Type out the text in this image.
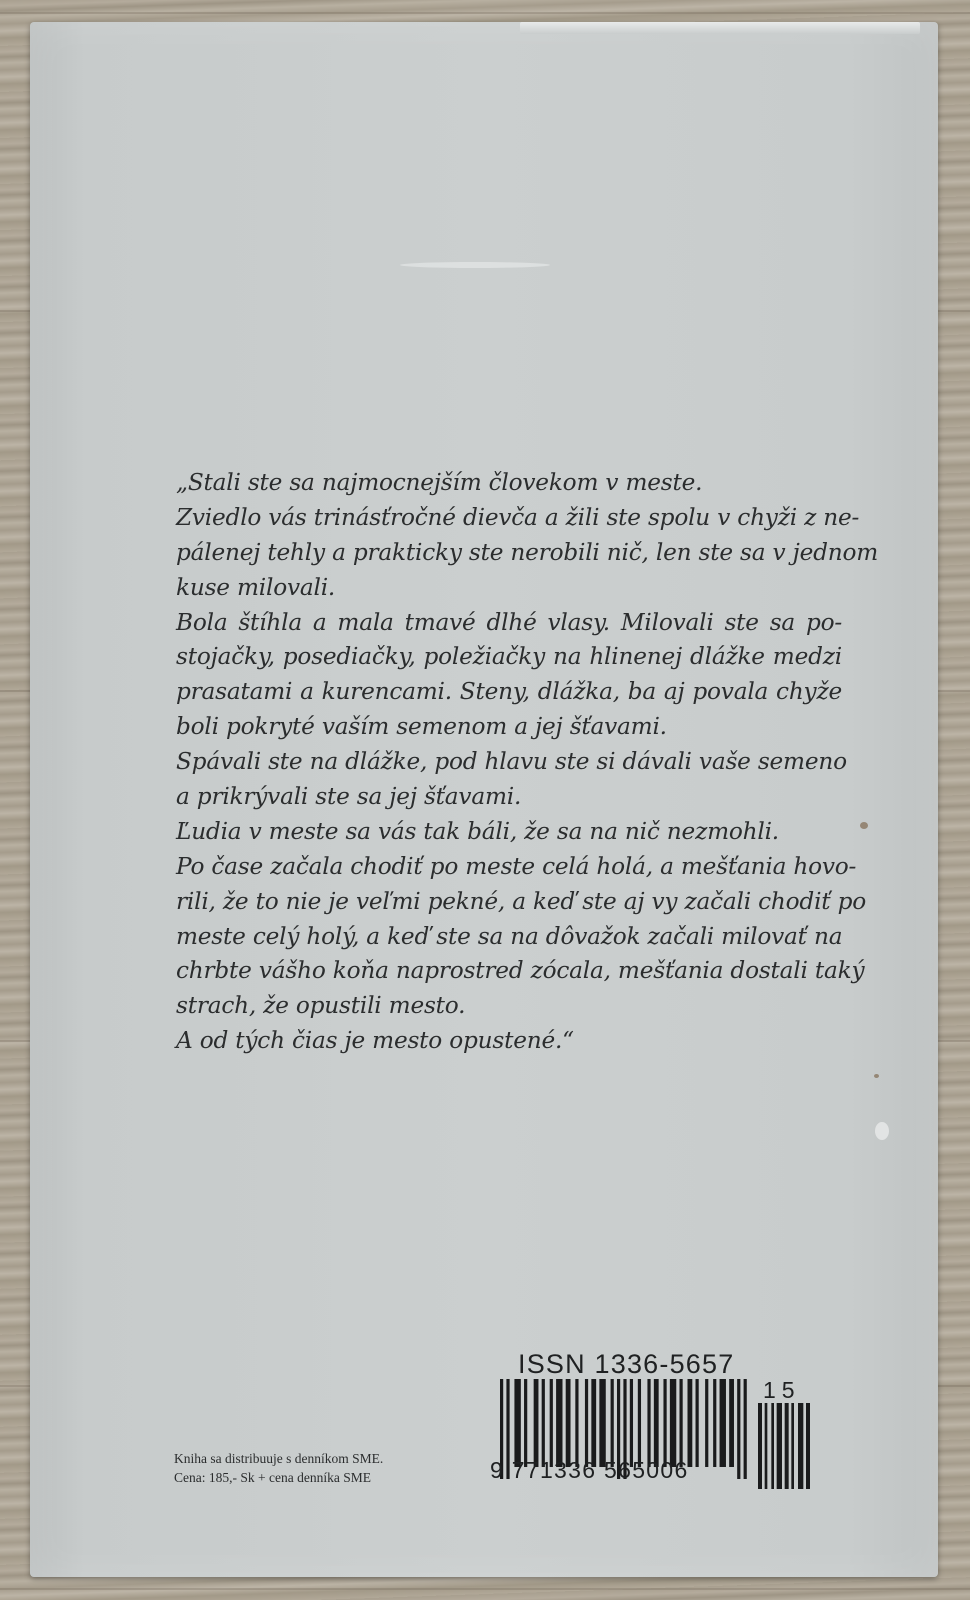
„Stali ste sa najmocnejším človekom v meste.
Zviedlo vás trinásťročné dievča a žili ste spolu v chyži z ne-
pálenej tehly a prakticky ste nerobili nič, len ste sa v jednom
kuse milovali.
Bola štíhla a mala tmavé dlhé vlasy. Milovali ste sa po-
stojačky, posediačky, poležiačky na hlinenej dlážke medzi
prasatami a kurencami. Steny, dlážka, ba aj povala chyže
boli pokryté vaším semenom a jej šťavami.
Spávali ste na dlážke, pod hlavu ste si dávali vaše semeno
a prikrývali ste sa jej šťavami.
Ľudia v meste sa vás tak báli, že sa na nič nezmohli.
Po čase začala chodiť po meste celá holá, a mešťania hovo-
rili, že to nie je veľmi pekné, a keď ste aj vy začali chodiť po
meste celý holý, a keď ste sa na dôvažok začali milovať na
chrbte vášho koňa naprostred zócala, mešťania dostali taký
strach, že opustili mesto.
A od tých čias je mesto opustené.“
Kniha sa distribuuje s denníkom SME.
Cena: 185,- Sk + cena denníka SME
ISSN 1336-5657
9 771336 565006
15
